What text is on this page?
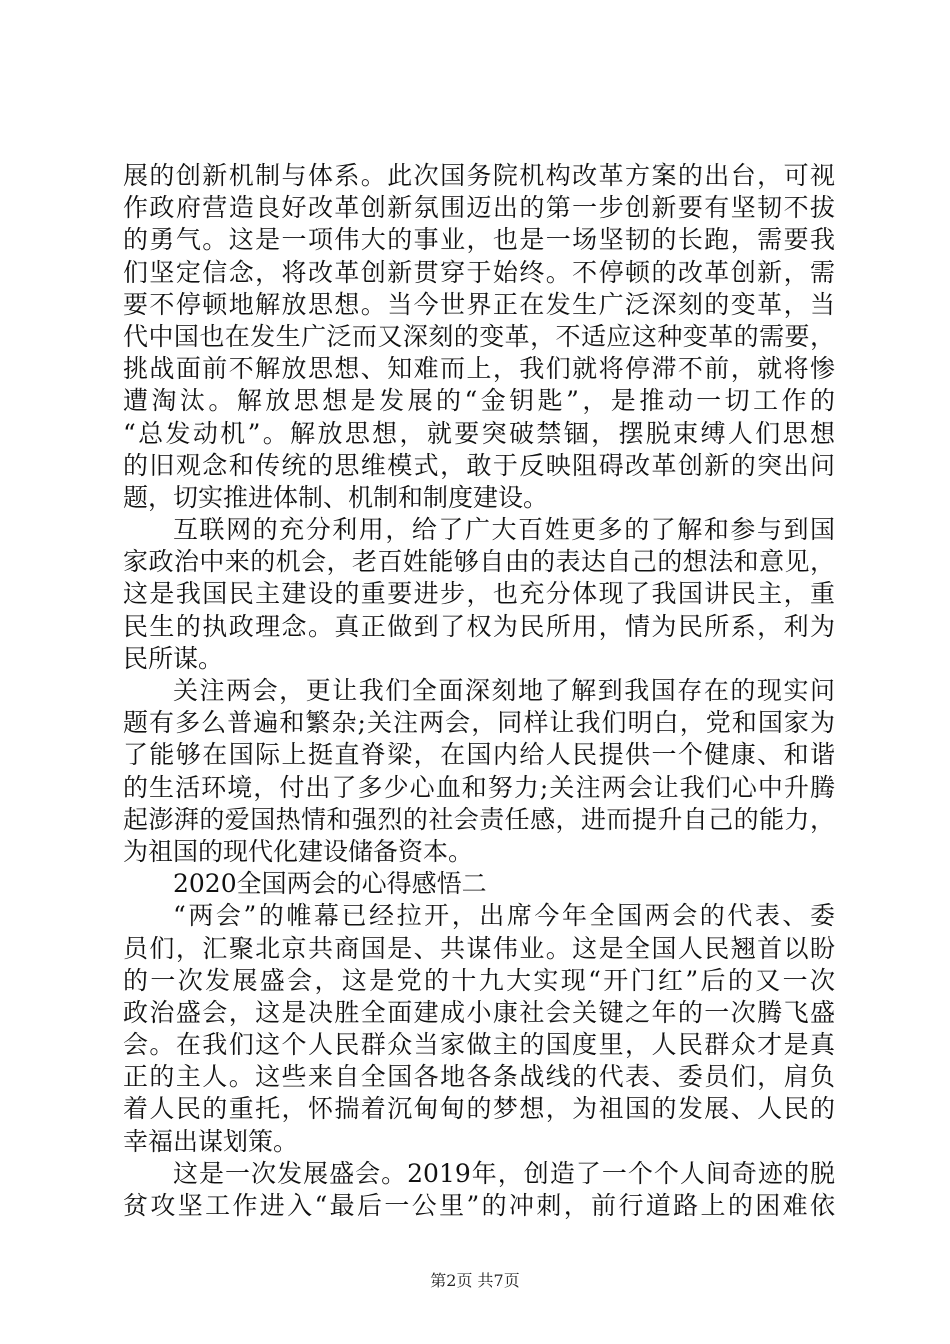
展的创新机制与体系。此次国务院机构改革方案的出台，可视
作政府营造良好改革创新氛围迈出的第一步创新要有坚韧不拔
的勇气。这是一项伟大的事业，也是一场坚韧的长跑，需要我
们坚定信念，将改革创新贯穿于始终。不停顿的改革创新，需
要不停顿地解放思想。当今世界正在发生广泛深刻的变革，当
代中国也在发生广泛而又深刻的变革，不适应这种变革的需要，
挑战面前不解放思想、知难而上，我们就将停滞不前，就将惨
遭淘汰。解放思想是发展的“金钥匙”，是推动一切工作的
“总发动机”。解放思想，就要突破禁锢，摆脱束缚人们思想
的旧观念和传统的思维模式，敢于反映阻碍改革创新的突出问
题，切实推进体制、机制和制度建设。
互联网的充分利用，给了广大百姓更多的了解和参与到国
家政治中来的机会，老百姓能够自由的表达自己的想法和意见，
这是我国民主建设的重要进步，也充分体现了我国讲民主，重
民生的执政理念。真正做到了权为民所用，情为民所系，利为
民所谋。
关注两会，更让我们全面深刻地了解到我国存在的现实问
题有多么普遍和繁杂;关注两会，同样让我们明白，党和国家为
了能够在国际上挺直脊梁，在国内给人民提供一个健康、和谐
的生活环境，付出了多少心血和努力;关注两会让我们心中升腾
起澎湃的爱国热情和强烈的社会责任感，进而提升自己的能力，
为祖国的现代化建设储备资本。
2020全国两会的心得感悟二
“两会”的帷幕已经拉开，出席今年全国两会的代表、委
员们，汇聚北京共商国是、共谋伟业。这是全国人民翘首以盼
的一次发展盛会，这是党的十九大实现“开门红”后的又一次
政治盛会，这是决胜全面建成小康社会关键之年的一次腾飞盛
会。在我们这个人民群众当家做主的国度里，人民群众才是真
正的主人。这些来自全国各地各条战线的代表、委员们，肩负
着人民的重托，怀揣着沉甸甸的梦想，为祖国的发展、人民的
幸福出谋划策。
这是一次发展盛会。2019年，创造了一个个人间奇迹的脱
贫攻坚工作进入“最后一公里”的冲刺，前行道路上的困难依
第2页 共7页
